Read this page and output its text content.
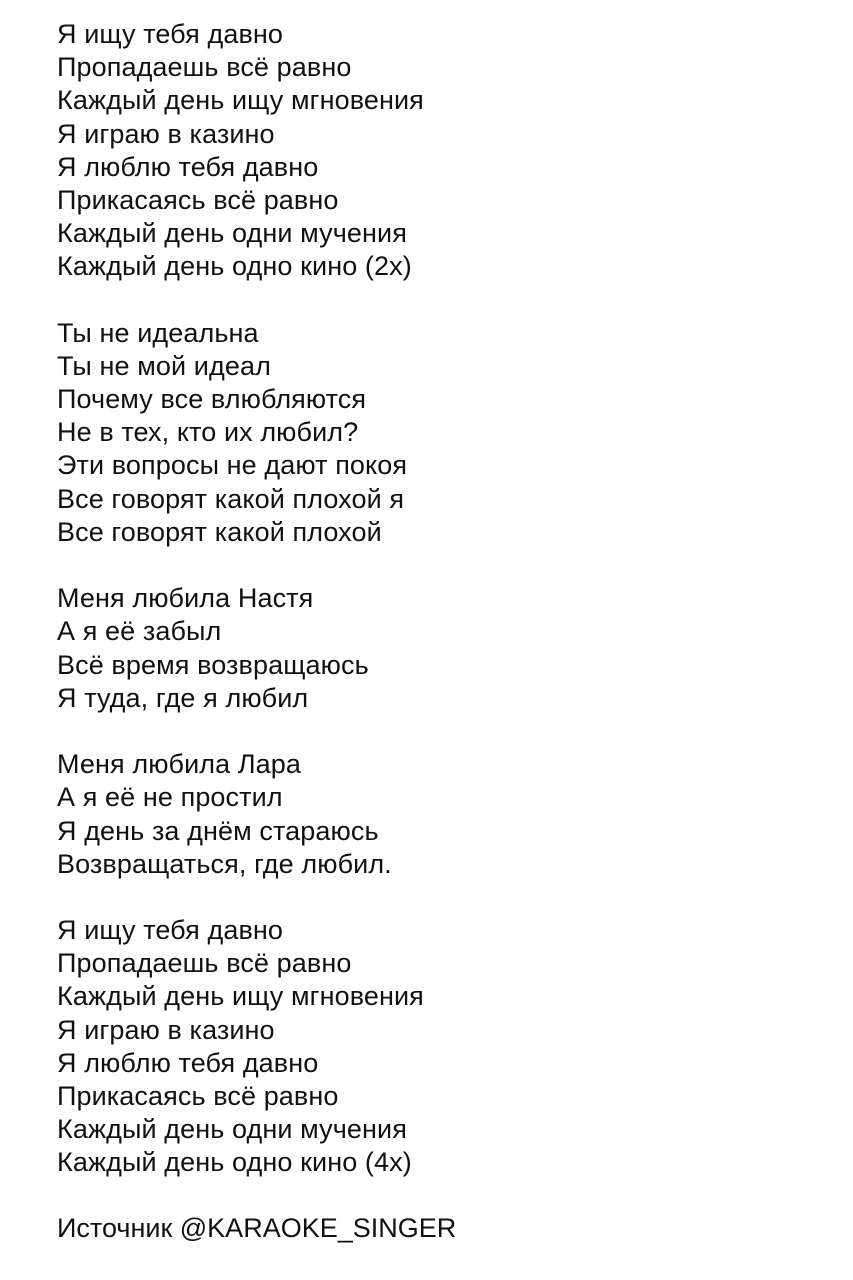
Я ищу тебя давно
Пропадаешь всё равно
Каждый день ищу мгновения
Я играю в казино
Я люблю тебя давно
Прикасаясь всё равно
Каждый день одни мучения
Каждый день одно кино (2х)
Ты не идеальна
Ты не мой идеал
Почему все влюбляются
Не в тех, кто их любил?
Эти вопросы не дают покоя
Все говорят какой плохой я
Все говорят какой плохой
Меня любила Настя
А я её забыл
Всё время возвращаюсь
Я туда, где я любил
Меня любила Лара
А я её не простил
Я день за днём стараюсь
Возвращаться, где любил.
Я ищу тебя давно
Пропадаешь всё равно
Каждый день ищу мгновения
Я играю в казино
Я люблю тебя давно
Прикасаясь всё равно
Каждый день одни мучения
Каждый день одно кино (4х)
Источник @KARAOKE_SINGER
